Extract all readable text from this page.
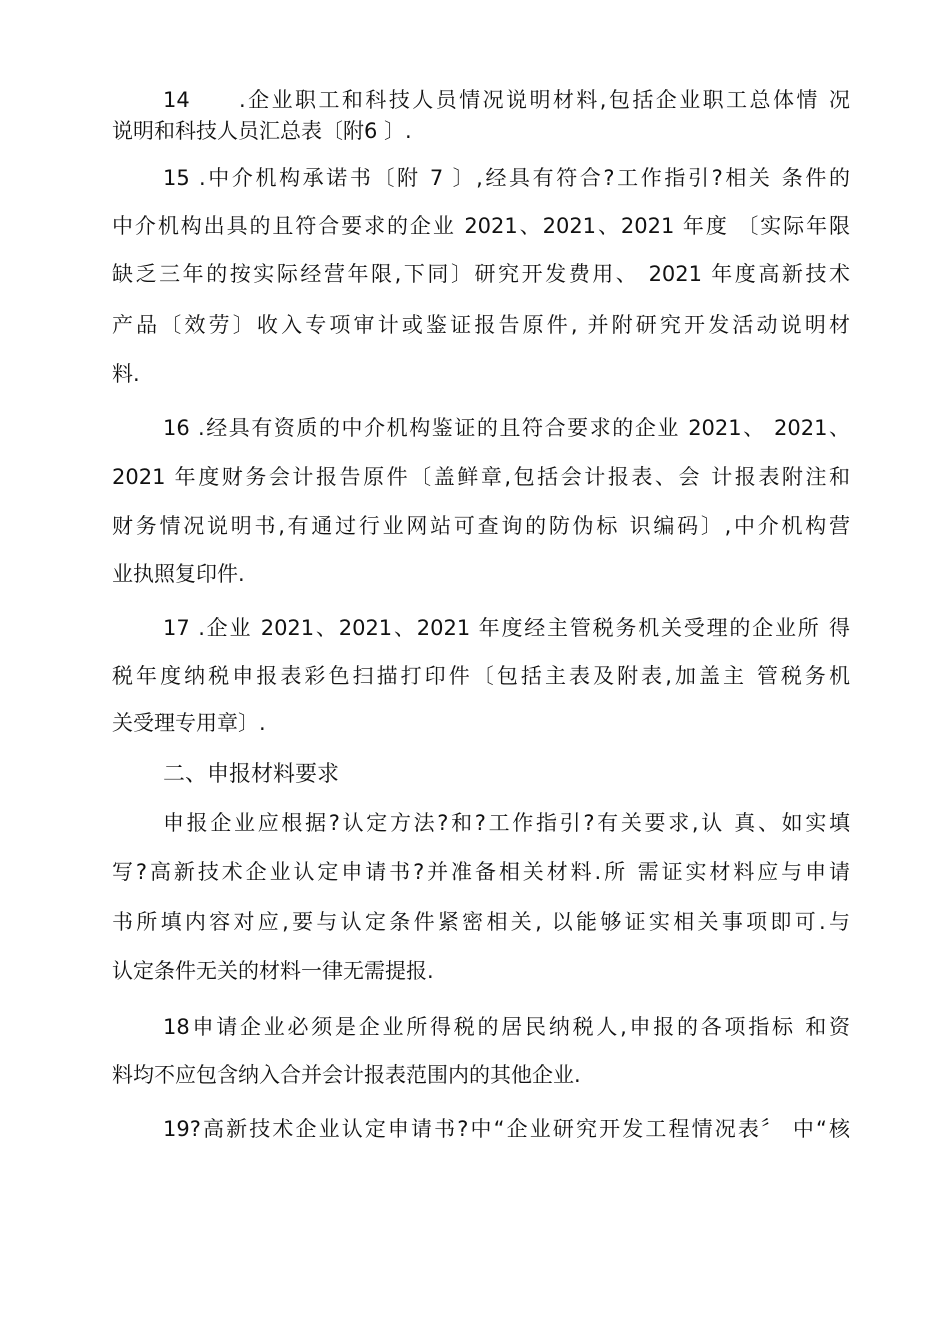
14　　.企业职工和科技人员情况说明材料,包括企业职工总体情 况
说明和科技人员汇总表〔附6 〕.
15 .中介机构承诺书〔附 7 〕,经具有符合?工作指引?相关 条件的
中介机构出具的且符合要求的企业 2021、2021、2021 年度 〔实际年限
缺乏三年的按实际经营年限,下同〕研究开发费用、 2021 年度高新技术
产品〔效劳〕收入专项审计或鉴证报告原件, 并附研究开发活动说明材
料.
16 .经具有资质的中介机构鉴证的且符合要求的企业 2021、 2021、
2021 年度财务会计报告原件〔盖鲜章,包括会计报表、会 计报表附注和
财务情况说明书,有通过行业网站可查询的防伪标 识编码〕,中介机构营
业执照复印件.
17 .企业 2021、2021、2021 年度经主管税务机关受理的企业所 得
税年度纳税申报表彩色扫描打印件〔包括主表及附表,加盖主 管税务机
关受理专用章〕.
二、申报材料要求
申报企业应根据?认定方法?和?工作指引?有关要求,认 真、如实填
写?高新技术企业认定申请书?并准备相关材料.所 需证实材料应与申请
书所填内容对应,要与认定条件紧密相关, 以能够证实相关事项即可.与
认定条件无关的材料一律无需提报.
18申请企业必须是企业所得税的居民纳税人,申报的各项指标 和资
料均不应包含纳入合并会计报表范围内的其他企业.
19?高新技术企业认定申请书?中“企业研究开发工程情况表〞 中“核
